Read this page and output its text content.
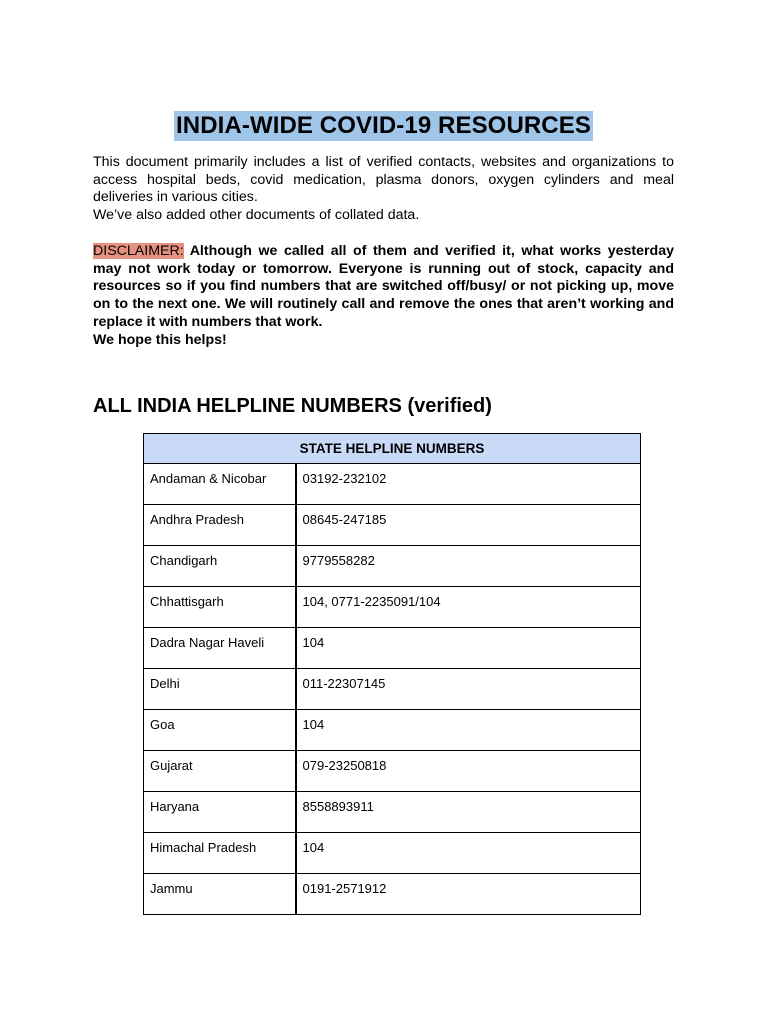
INDIA-WIDE COVID-19 RESOURCES

This document primarily includes a list of verified contacts, websites and organizations to access hospital beds, covid medication, plasma donors, oxygen cylinders and meal deliveries in various cities.

We’ve also added other documents of collated data.

DISCLAIMER: Although we called all of them and verified it, what works yesterday may not work today or tomorrow. Everyone is running out of stock, capacity and resources so if you find numbers that are switched off/busy/ or not picking up, move on to the next one. We will routinely call and remove the ones that aren’t working and replace it with numbers that work.

We hope this helps!

ALL INDIA HELPLINE NUMBERS (verified)
STATE HELPLINE NUMBERS	
Andaman & Nicobar	03192-232102
Andhra Pradesh	08645-247185
Chandigarh	9779558282
Chhattisgarh	104, 0771-2235091/104
Dadra Nagar Haveli	104
Delhi	011-22307145
Goa	104
Gujarat	079-23250818
Haryana	8558893911
Himachal Pradesh	104
Jammu	0191-2571912
